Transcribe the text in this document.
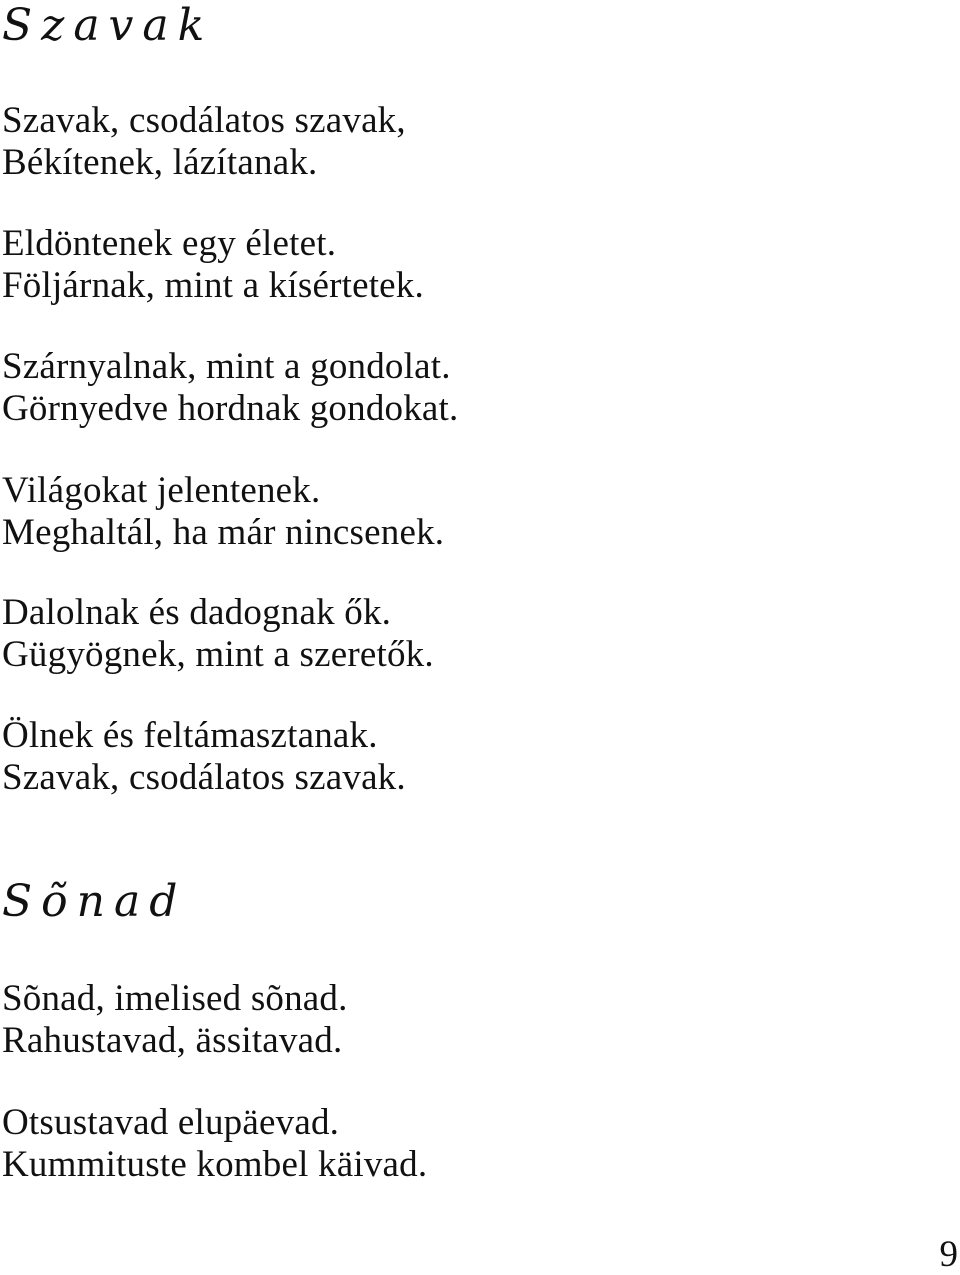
Szavak
Szavak, csodálatos szavak,
Békítenek, lázítanak.
Eldöntenek egy életet.
Följárnak, mint a kísértetek.
Szárnyalnak, mint a gondolat.
Görnyedve hordnak gondokat.
Világokat jelentenek.
Meghaltál, ha már nincsenek.
Dalolnak és dadognak ők.
Gügyögnek, mint a szeretők.
Ölnek és feltámasztanak.
Szavak, csodálatos szavak.
Sõnad
Sõnad, imelised sõnad.
Rahustavad, ässitavad.
Otsustavad elupäevad.
Kummituste kombel käivad.
9
